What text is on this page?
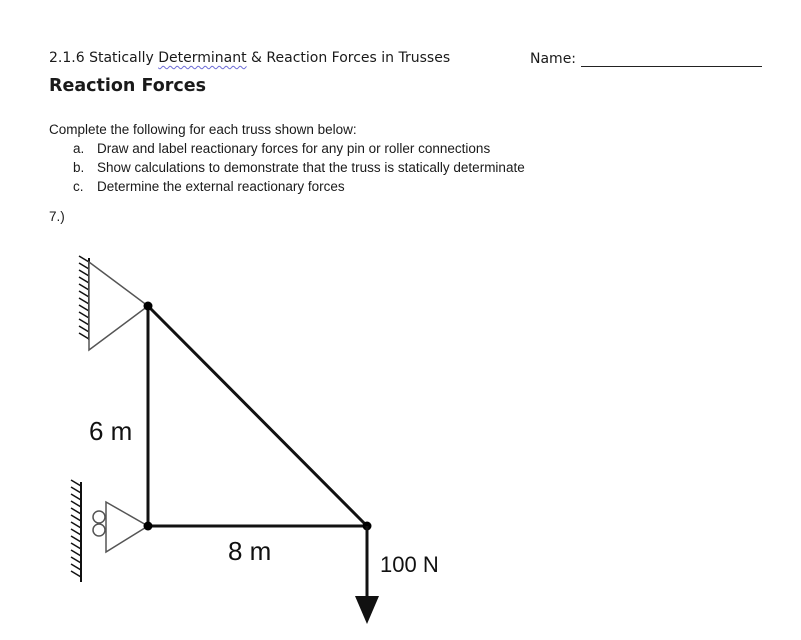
2.1.6 Statically Determinant & Reaction Forces in Trusses	Name:
Reaction Forces
Complete the following for each truss shown below:
a. Draw and label reactionary forces for any pin or roller connections
b. Show calculations to demonstrate that the truss is statically determinate
c. Determine the external reactionary forces
7.)
6 m
8 m	100 N
